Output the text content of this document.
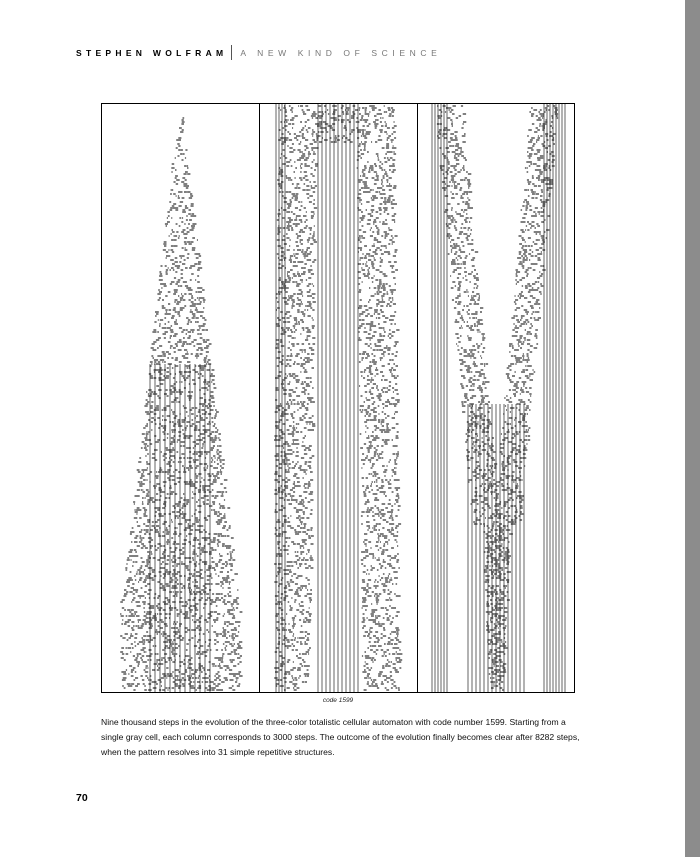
STEPHEN WOLFRAM A NEW KIND OF SCIENCE
code 1599
Nine thousand steps in the evolution of the three-color totalistic cellular automaton with code number 1599. Starting from a single gray cell, each column corresponds to 3000 steps. The outcome of the evolution finally becomes clear after 8282 steps, when the pattern resolves into 31 simple repetitive structures.
70
